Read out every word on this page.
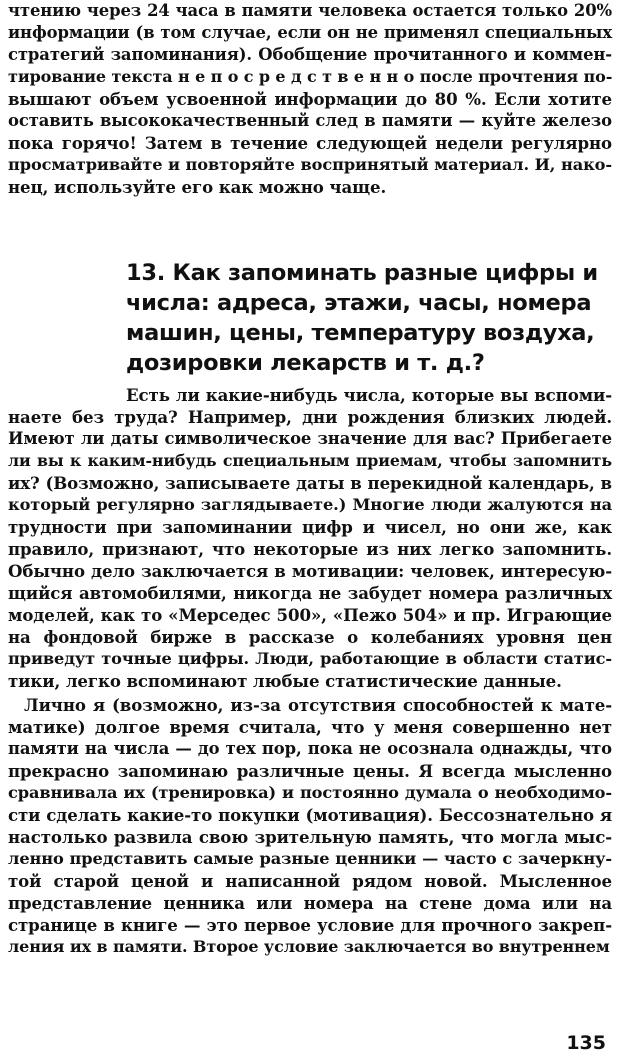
чтению через 24 часа в памяти человека остается только 20%
информации (в том случае, если он не применял специальных
стратегий запоминания). Обобщение прочитанного и коммен-
тирование текста н е п о с р е д с т в е н н о после прочтения по-
вышают объем усвоенной информации до 80 %. Если хотите
оставить высококачественный след в памяти — куйте железо
пока горячо! Затем в течение следующей недели регулярно
просматривайте и повторяйте воспринятый материал. И, нако-
нец, используйте его как можно чаще.
13. Как запоминать разные цифры и
числа: адреса, этажи, часы, номера
машин, цены, температуру воздуха,
дозировки лекарств и т. д.?
Есть ли какие-нибудь числа, которые вы вспоми-
наете без труда? Например, дни рождения близких людей.
Имеют ли даты символическое значение для вас? Прибегаете
ли вы к каким-нибудь специальным приемам, чтобы запомнить
их? (Возможно, записываете даты в перекидной календарь, в
который регулярно заглядываете.) Многие люди жалуются на
трудности при запоминании цифр и чисел, но они же, как
правило, признают, что некоторые из них легко запомнить.
Обычно дело заключается в мотивации: человек, интересую-
щийся автомобилями, никогда не забудет номера различных
моделей, как то «Мерседес 500», «Пежо 504» и пр. Играющие
на фондовой бирже в рассказе о колебаниях уровня цен
приведут точные цифры. Люди, работающие в области статис-
тики, легко вспоминают любые статистические данные.
Лично я (возможно, из-за отсутствия способностей к мате-
матике) долгое время считала, что у меня совершенно нет
памяти на числа — до тех пор, пока не осознала однажды, что
прекрасно запоминаю различные цены. Я всегда мысленно
сравнивала их (тренировка) и постоянно думала о необходимо-
сти сделать какие-то покупки (мотивация). Бессознательно я
настолько развила свою зрительную память, что могла мыс-
ленно представить самые разные ценники — часто с зачеркну-
той старой ценой и написанной рядом новой. Мысленное
представление ценника или номера на стене дома или на
странице в книге — это первое условие для прочного закреп-
ления их в памяти. Второе условие заключается во внутреннем
135
